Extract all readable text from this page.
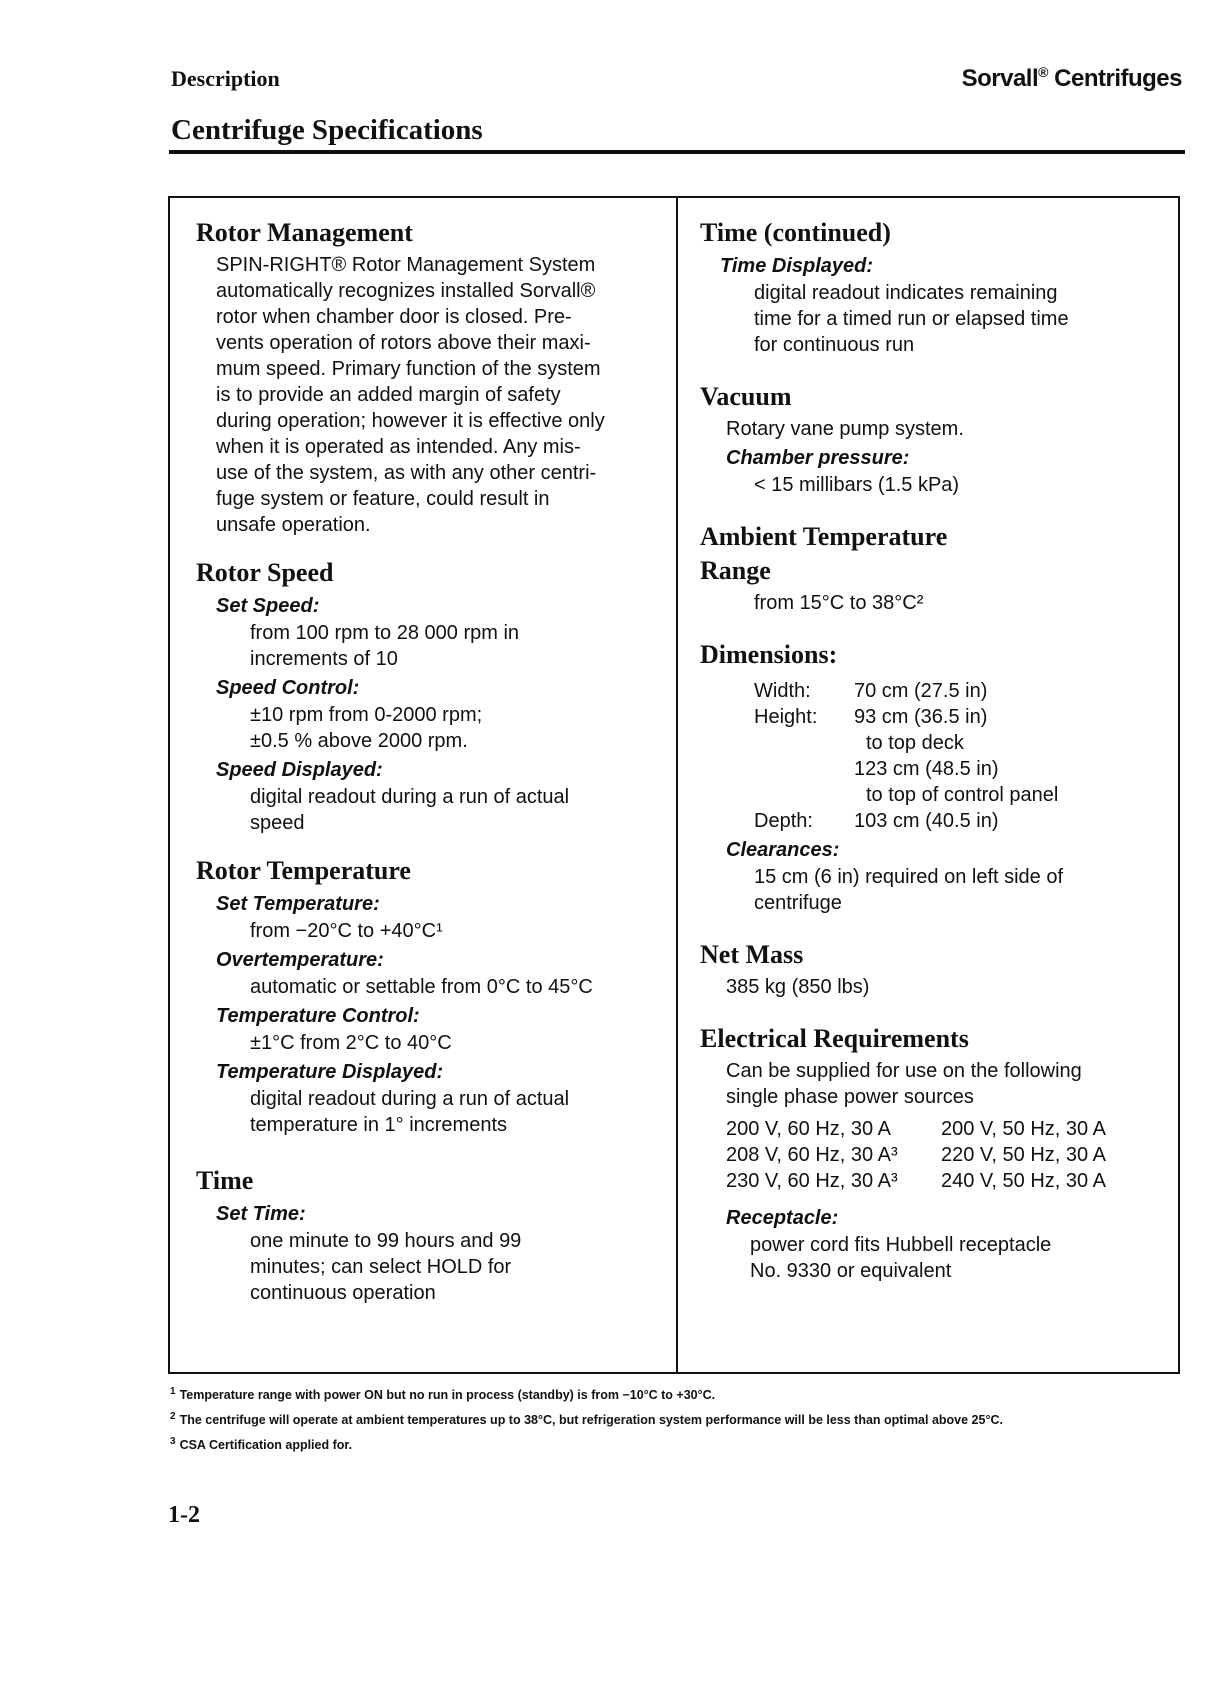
Description	Sorvall® Centrifuges
Centrifuge Specifications
Rotor Management
SPIN-RIGHT® Rotor Management System
automatically recognizes installed Sorvall®
rotor when chamber door is closed. Pre-
vents operation of rotors above their maxi-
mum speed. Primary function of the system
is to provide an added margin of safety
during operation; however it is effective only
when it is operated as intended. Any mis-
use of the system, as with any other centri-
fuge system or feature, could result in
unsafe operation.
Rotor Speed
Set Speed:
from 100 rpm to 28 000 rpm in
increments of 10
Speed Control:
±10 rpm from 0-2000 rpm;
±0.5 % above 2000 rpm.
Speed Displayed:
digital readout during a run of actual
speed
Rotor Temperature
Set Temperature:
from −20°C to +40°C¹
Overtemperature:
automatic or settable from 0°C to 45°C
Temperature Control:
±1°C from 2°C to 40°C
Temperature Displayed:
digital readout during a run of actual
temperature in 1° increments
Time
Set Time:
one minute to 99 hours and 99
minutes; can select HOLD for
continuous operation
Time (continued)
Time Displayed:
digital readout indicates remaining
time for a timed run or elapsed time
for continuous run
Vacuum
Rotary vane pump system.
Chamber pressure:
< 15 millibars (1.5 kPa)
Ambient Temperature
Range
from 15°C to 38°C²
Dimensions:
Width:	70 cm (27.5 in)
Height:	93 cm (36.5 in)
to top deck
123 cm (48.5 in)
to top of control panel
Depth:	103 cm (40.5 in)
Clearances:
15 cm (6 in) required on left side of
centrifuge
Net Mass
385 kg (850 lbs)
Electrical Requirements
Can be supplied for use on the following
single phase power sources
200 V, 60 Hz, 30 A	200 V, 50 Hz, 30 A
208 V, 60 Hz, 30 A³	220 V, 50 Hz, 30 A
230 V, 60 Hz, 30 A³	240 V, 50 Hz, 30 A
Receptacle:
power cord fits Hubbell receptacle
No. 9330 or equivalent
$^1$ Temperature range with power ON but no run in process (standby) is from −10°C to +30°C.
$^2$ The centrifuge will operate at ambient temperatures up to 38°C, but refrigeration system performance will be less than optimal above 25°C.
$^3$ CSA Certification applied for.
1-2
